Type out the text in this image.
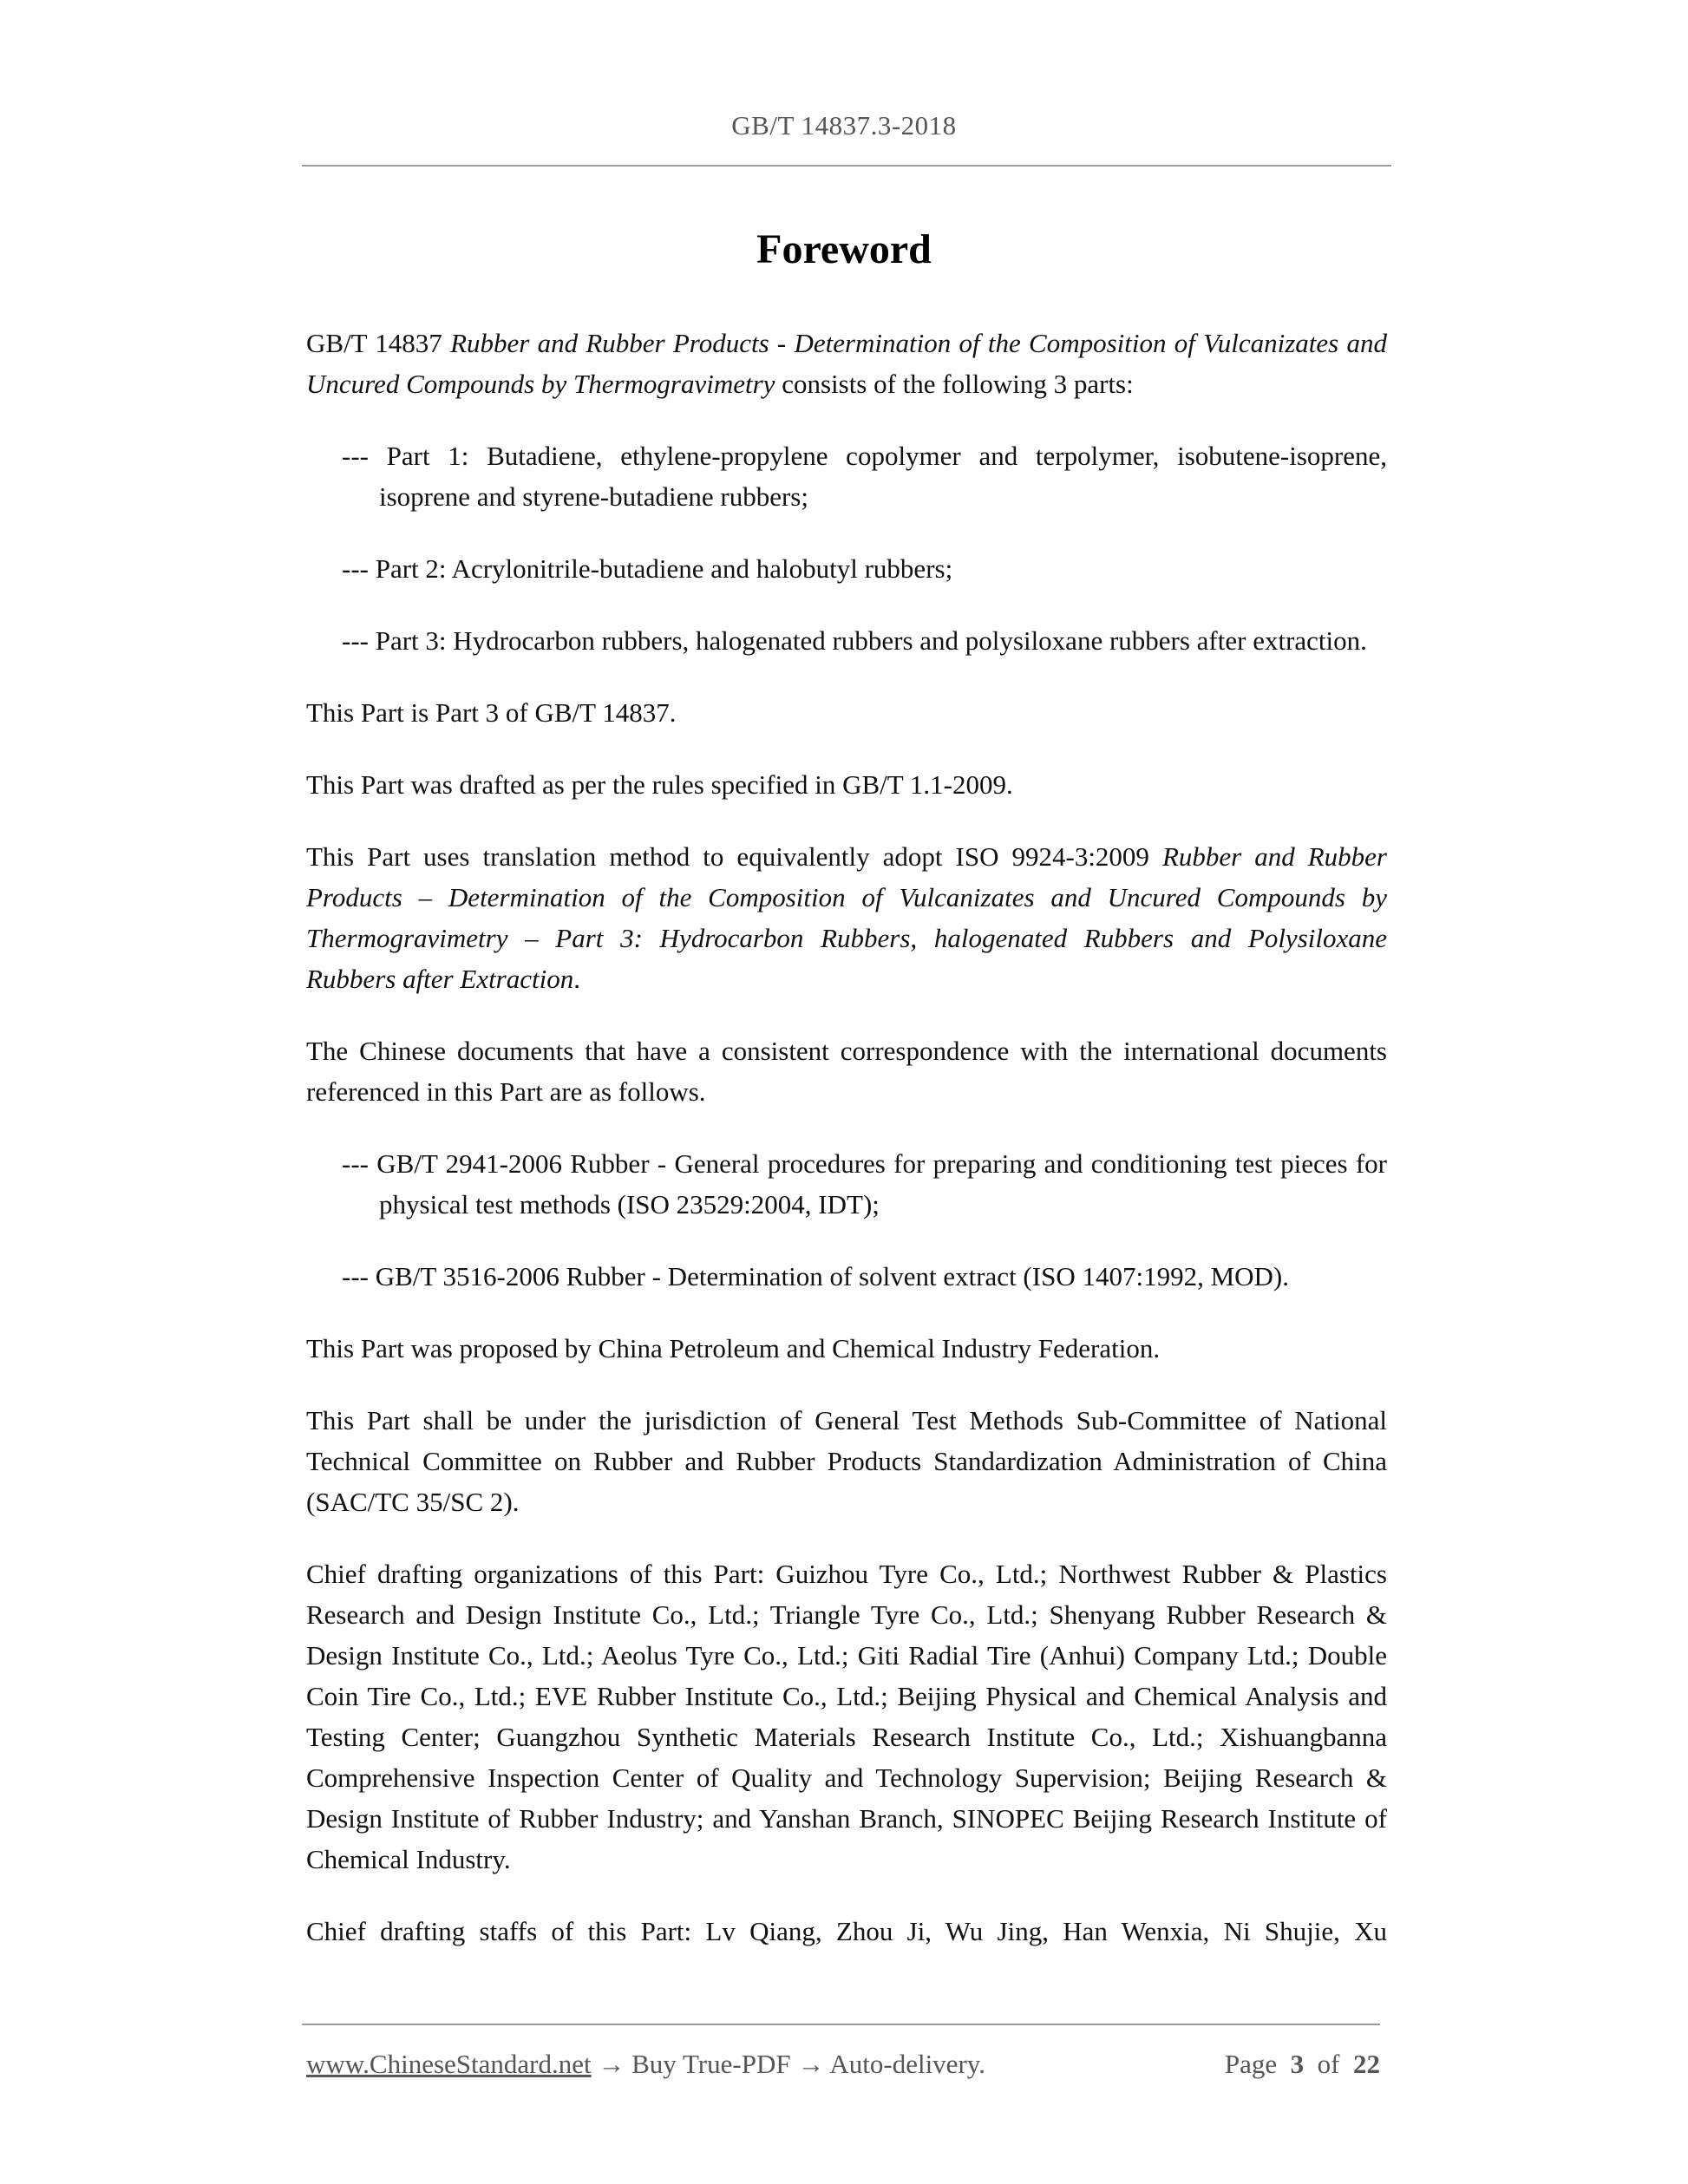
GB/T 14837.3-2018
Foreword

GB/T 14837 Rubber and Rubber Products - Determination of the Composition of Vulcanizates and Uncured Compounds by Thermogravimetry consists of the following 3 parts:

--- Part 1: Butadiene, ethylene-propylene copolymer and terpolymer, isobutene-isoprene, isoprene and styrene-butadiene rubbers;

--- Part 2: Acrylonitrile-butadiene and halobutyl rubbers;

--- Part 3: Hydrocarbon rubbers, halogenated rubbers and polysiloxane rubbers after extraction.

This Part is Part 3 of GB/T 14837.

This Part was drafted as per the rules specified in GB/T 1.1-2009.

This Part uses translation method to equivalently adopt ISO 9924-3:2009 Rubber and Rubber Products – Determination of the Composition of Vulcanizates and Uncured Compounds by Thermogravimetry – Part 3: Hydrocarbon Rubbers, halogenated Rubbers and Polysiloxane Rubbers after Extraction.

The Chinese documents that have a consistent correspondence with the international documents referenced in this Part are as follows.

--- GB/T 2941-2006 Rubber - General procedures for preparing and conditioning test pieces for physical test methods (ISO 23529:2004, IDT);

--- GB/T 3516-2006 Rubber - Determination of solvent extract (ISO 1407:1992, MOD).

This Part was proposed by China Petroleum and Chemical Industry Federation.

This Part shall be under the jurisdiction of General Test Methods Sub-Committee of National Technical Committee on Rubber and Rubber Products Standardization Administration of China (SAC/TC 35/SC 2).

Chief drafting organizations of this Part: Guizhou Tyre Co., Ltd.; Northwest Rubber & Plastics Research and Design Institute Co., Ltd.; Triangle Tyre Co., Ltd.; Shenyang Rubber Research & Design Institute Co., Ltd.; Aeolus Tyre Co., Ltd.; Giti Radial Tire (Anhui) Company Ltd.; Double Coin Tire Co., Ltd.; EVE Rubber Institute Co., Ltd.; Beijing Physical and Chemical Analysis and Testing Center; Guangzhou Synthetic Materials Research Institute Co., Ltd.; Xishuangbanna Comprehensive Inspection Center of Quality and Technology Supervision; Beijing Research & Design Institute of Rubber Industry; and Yanshan Branch, SINOPEC Beijing Research Institute of Chemical Industry.

Chief drafting staffs of this Part: Lv Qiang, Zhou Ji, Wu Jing, Han Wenxia, Ni Shujie, Xu

www.ChineseStandard.net → Buy True-PDF → Auto-delivery.	Page 3 of 22
